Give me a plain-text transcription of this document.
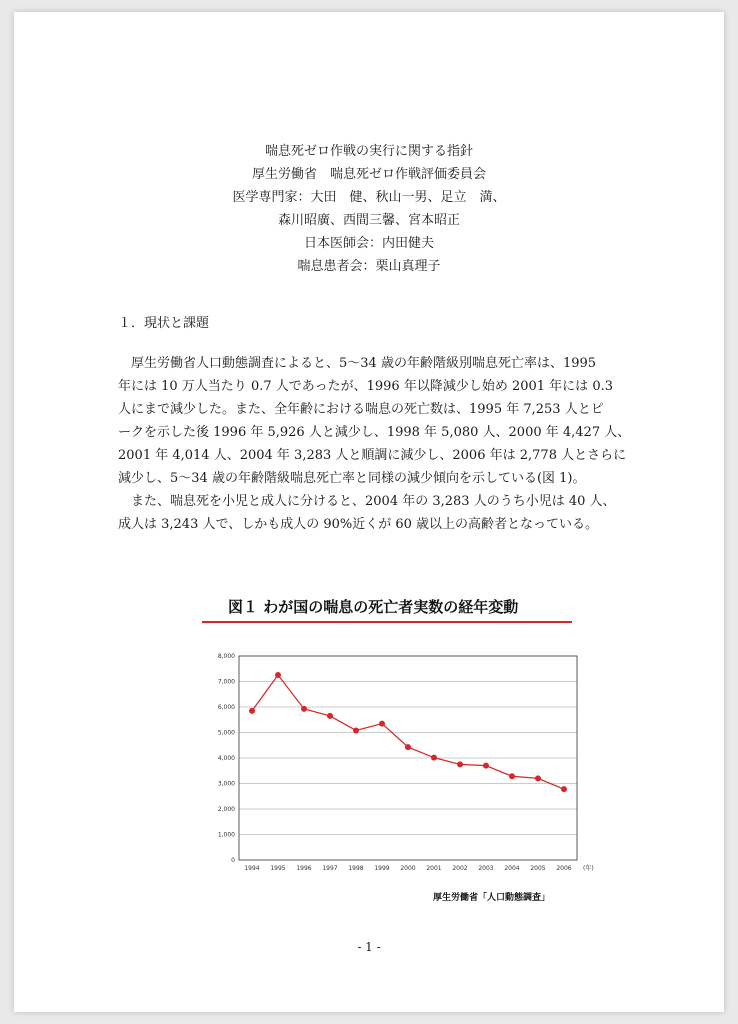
喘息死ゼロ作戦の実行に関する指針
厚生労働省　喘息死ゼロ作戦評価委員会
医学専門家：大田　健、秋山一男、足立　満、
森川昭廣、西間三馨、宮本昭正
日本医師会：内田健夫
喘息患者会：栗山真理子
１．現状と課題
　厚生労働省人口動態調査によると、5～34 歳の年齢階級別喘息死亡率は、1995
年には 10 万人当たり 0.7 人であったが、1996 年以降減少し始め 2001 年には 0.3
人にまで減少した。また、全年齢における喘息の死亡数は、1995 年 7,253 人とピ
ークを示した後 1996 年 5,926 人と減少し、1998 年 5,080 人、2000 年 4,427 人、
2001 年 4,014 人、2004 年 3,283 人と順調に減少し、2006 年は 2,778 人とさらに
減少し、5～34 歳の年齢階級喘息死亡率と同様の減少傾向を示している(図 1)。
　また、喘息死を小児と成人に分けると、2004 年の 3,283 人のうち小児は 40 人、
成人は 3,243 人で、しかも成人の 90%近くが 60 歳以上の高齢者となっている。
図１ わが国の喘息の死亡者実数の経年変動
0
1,000
2,000
3,000
4,000
5,000
6,000
7,000
8,000
1994 1995 1996 1997 1998 1999 2000 2001 2002 2003 2004 2005 2006 (年)
厚生労働省「人口動態調査」
- 1 -
